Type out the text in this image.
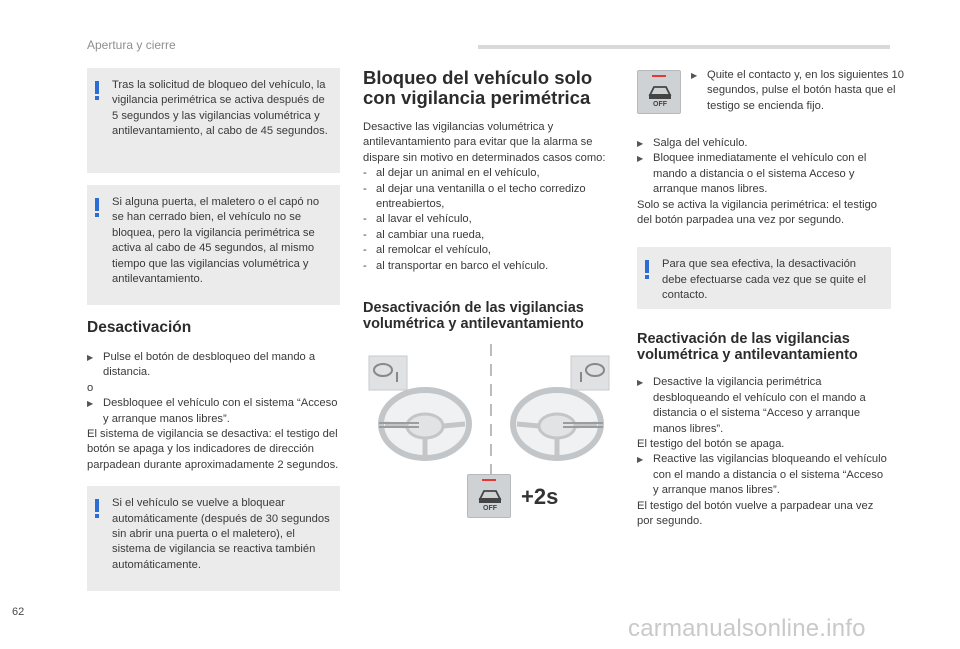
Apertura y cierre
Tras la solicitud de bloqueo del vehículo, la vigilancia perimétrica se activa después de 5 segundos y las vigilancias volumétrica y antilevantamiento, al cabo de 45 segundos.
Si alguna puerta, el maletero o el capó no se han cerrado bien, el vehículo no se bloquea, pero la vigilancia perimétrica se activa al cabo de 45 segundos, al mismo tiempo que las vigilancias volumétrica y antilevantamiento.
Desactivación
▶ Pulse el botón de desbloqueo del mando a distancia.
o
▶ Desbloquee el vehículo con el sistema “Acceso y arranque manos libres”.
El sistema de vigilancia se desactiva: el testigo del botón se apaga y los indicadores de dirección parpadean durante aproximadamente 2 segundos.
Si el vehículo se vuelve a bloquear automáticamente (después de 30 segundos sin abrir una puerta o el maletero), el sistema de vigilancia se reactiva también automáticamente.
Bloqueo del vehículo solo con vigilancia perimétrica
Desactive las vigilancias volumétrica y antilevantamiento para evitar que la alarma se dispare sin motivo en determinados casos como:
- al dejar un animal en el vehículo,
- al dejar una ventanilla o el techo corredizo entreabiertos,
- al lavar el vehículo,
- al cambiar una rueda,
- al remolcar el vehículo,
- al transportar en barco el vehículo.
Desactivación de las vigilancias volumétrica y antilevantamiento
OFF	+2s
OFF
▶ Quite el contacto y, en los siguientes 10 segundos, pulse el botón hasta que el testigo se encienda fijo.
▶ Salga del vehículo.
▶ Bloquee inmediatamente el vehículo con el mando a distancia o el sistema Acceso y arranque manos libres.
Solo se activa la vigilancia perimétrica: el testigo del botón parpadea una vez por segundo.
Para que sea efectiva, la desactivación debe efectuarse cada vez que se quite el contacto.
Reactivación de las vigilancias volumétrica y antilevantamiento
▶ Desactive la vigilancia perimétrica desbloqueando el vehículo con el mando a distancia o el sistema “Acceso y arranque manos libres”.
El testigo del botón se apaga.
▶ Reactive las vigilancias bloqueando el vehículo con el mando a distancia o el sistema “Acceso y arranque manos libres”.
El testigo del botón vuelve a parpadear una vez por segundo.
62
carmanualsonline.info
